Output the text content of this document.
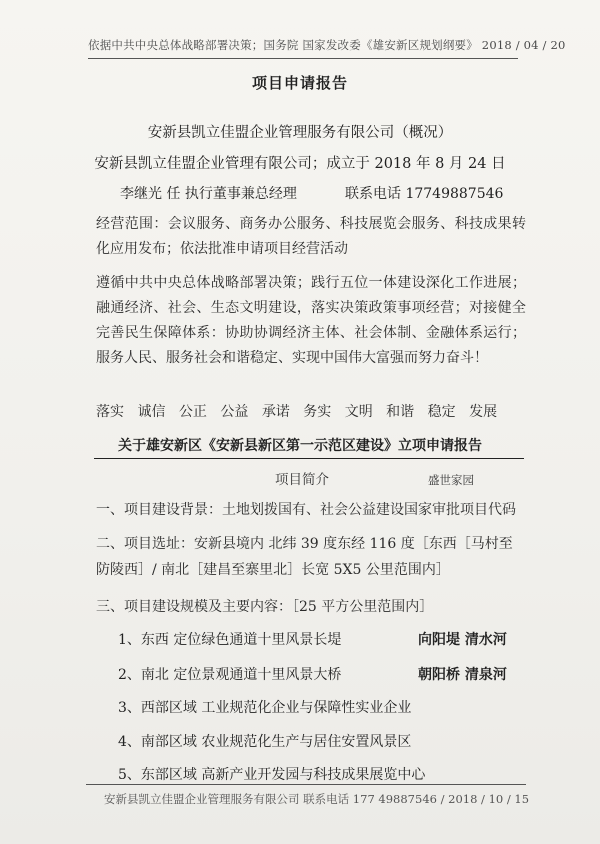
依据中共中央总体战略部署决策；国务院 国家发改委《雄安新区规划纲要》 2018 / 04 / 20
项目申请报告
安新县凯立佳盟企业管理服务有限公司（概况）
安新县凯立佳盟企业管理有限公司；成立于 2018 年 8 月 24 日
李继光 任 执行董事兼总经理	联系电话 17749887546
经营范围：会议服务、商务办公服务、科技展览会服务、科技成果转化应用发布；依法批准申请项目经营活动
遵循中共中央总体战略部署决策；践行五位一体建设深化工作进展；融通经济、社会、生态文明建设，落实决策政策事项经营；对接健全完善民生保障体系：协助协调经济主体、社会体制、金融体系运行；服务人民、服务社会和谐稳定、实现中国伟大富强而努力奋斗！
落实 诚信 公正 公益 承诺 务实 文明 和谐 稳定 发展
关于雄安新区《安新县新区第一示范区建设》立项申请报告
项目简介	盛世家园
一、项目建设背景：土地划拨国有、社会公益建设国家审批项目代码
二、项目选址：安新县境内 北纬 39 度东经 116 度［东西［马村至防陵西］/ 南北［建昌至寨里北］长宽 5X5 公里范围内］
三、项目建设规模及主要内容：［25 平方公里范围内］
1、东西 定位绿色通道十里风景长堤	向阳堤 清水河
2、南北 定位景观通道十里风景大桥	朝阳桥 清泉河
3、西部区域 工业规范化企业与保障性实业企业
4、南部区域 农业规范化生产与居住安置风景区
5、东部区域 高新产业开发园与科技成果展览中心
安新县凯立佳盟企业管理服务有限公司 联系电话 177 49887546 / 2018 / 10 / 15
